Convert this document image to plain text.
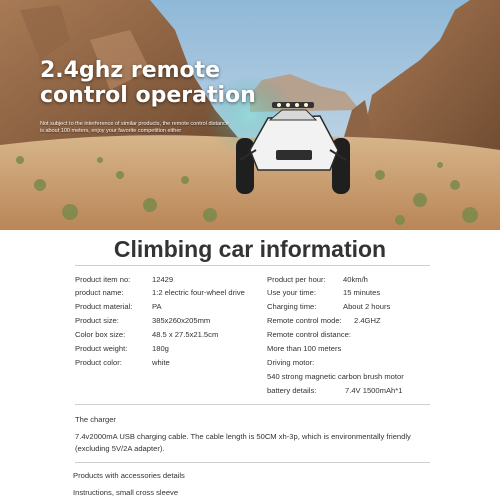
2.4ghz remote
control operation
Not subject to the interference of similar products, the remote control distance is about 100 meters, enjoy your favorite competition either
Climbing car information
Product item no:	12429
product name:	1:2 electric four-wheel drive
Product material:	PA
Product size:	385x260x205mm
Color box size:	48.5 x 27.5x21.5cm
Product weight:	180g
Product color:	white
Product per hour: 40km/h
Use your time:	15 minutes
Charging time:	About 2 hours
Remote control mode: 2.4GHZ
Remote control distance:
More than 100 meters
Driving motor:
540 strong magnetic carbon brush motor
battery details:	7.4V 1500mAh*1
The charger
7.4v2000mA USB charging cable. The cable length is 50CM xh-3p, which is environmentally friendly (excluding 5V/2A adapter).
Products with accessories details
Instructions, small cross sleeve
